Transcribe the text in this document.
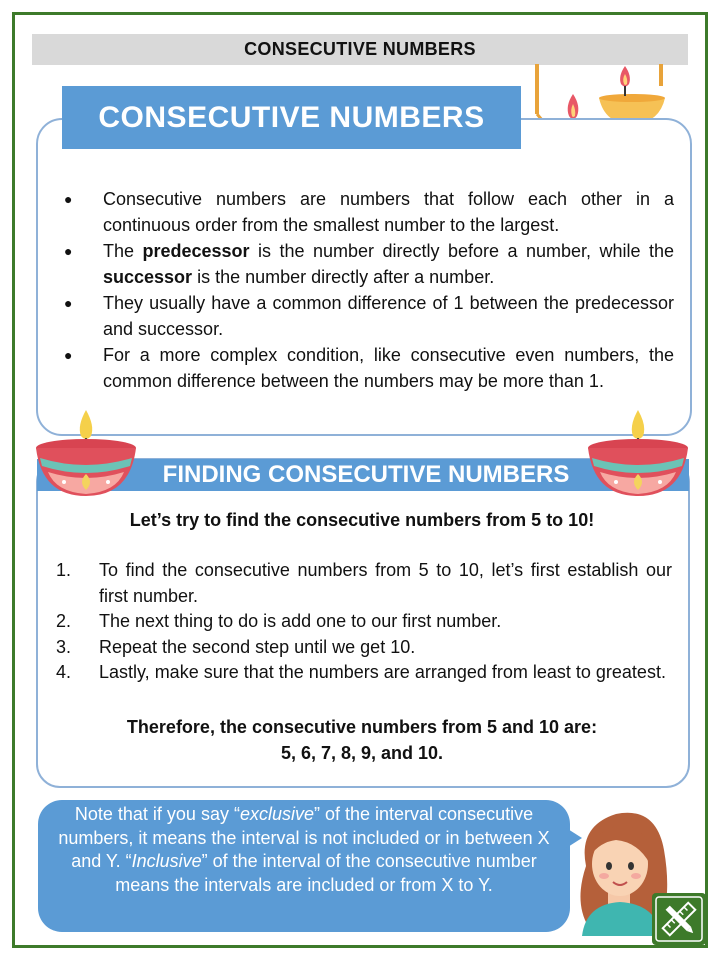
CONSECUTIVE NUMBERS
CONSECUTIVE NUMBERS
● Consecutive numbers are numbers that follow each other in a continuous order from the smallest number to the largest.
● The predecessor is the number directly before a number, while the successor is the number directly after a number.
● They usually have a common difference of 1 between the predecessor and successor.
● For a more complex condition, like consecutive even numbers, the common difference between the numbers may be more than 1.
FINDING CONSECUTIVE NUMBERS
Let’s try to find the consecutive numbers from 5 to 10!
1. To find the consecutive numbers from 5 to 10, let’s first establish our first number.
2. The next thing to do is add one to our first number.
3. Repeat the second step until we get 10.
4. Lastly, make sure that the numbers are arranged from least to greatest.
Therefore, the consecutive numbers from 5 and 10 are:
5, 6, 7, 8, 9, and 10.
Note that if you say “exclusive” of the interval consecutive numbers, it means the interval is not included or in between X and Y. “Inclusive” of the interval of the consecutive number means the intervals are included or from X to Y.
